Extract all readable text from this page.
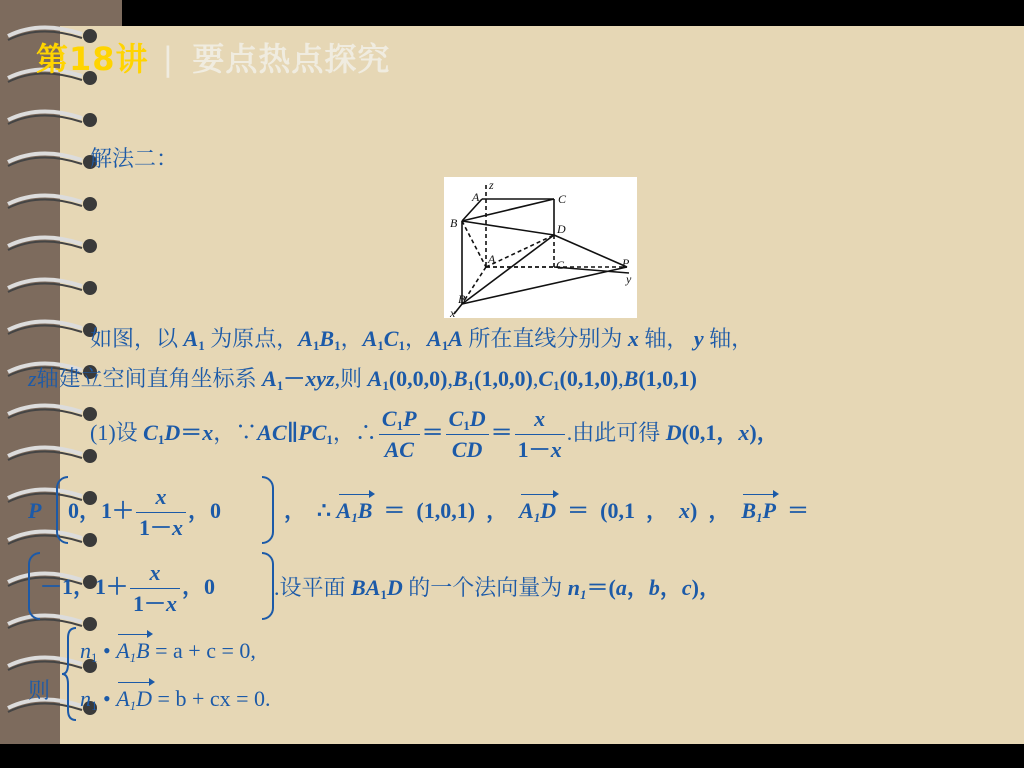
第18讲 | 要点热点探究
解法二：
z
A	C
B	D
A	C	P
y
B
x
如图，以 $A_1$ 为原点，$A_1B_1$，$A_1C_1$，$A_1A$ 所在直线分别为 x 轴， y 轴，
z轴建立空间直角坐标系 $A_1-xyz$,则 $A_1(0,0,0),B_1(1,0,0),C_1(0,1,0),B(1,0,1)$
(1)设 $C_1D=x$，$\because AC\parallel PC_1$，∴ $\frac{C_1P}{AC} = \frac{C_1D}{CD} = \frac{x}{1-x}$ .由此可得 D(0,1，x)，
P 0，$1+ \frac{x}{1-x}$ ，0	， ∴ $A_1B = (1,0,1)$ ， $A_1D = (0,1$ ， x) ， $B_1P$ ＝
－1，$1+ \frac{x}{1-x}$ ，0	.设平面 $BA_1D$ 的一个法向量为 $n_1=(a$，b，c)，
则
$n_1$ • $A_1B = a + c = 0$,
$n_1$ • $A_1D = b$ + cx = 0.
